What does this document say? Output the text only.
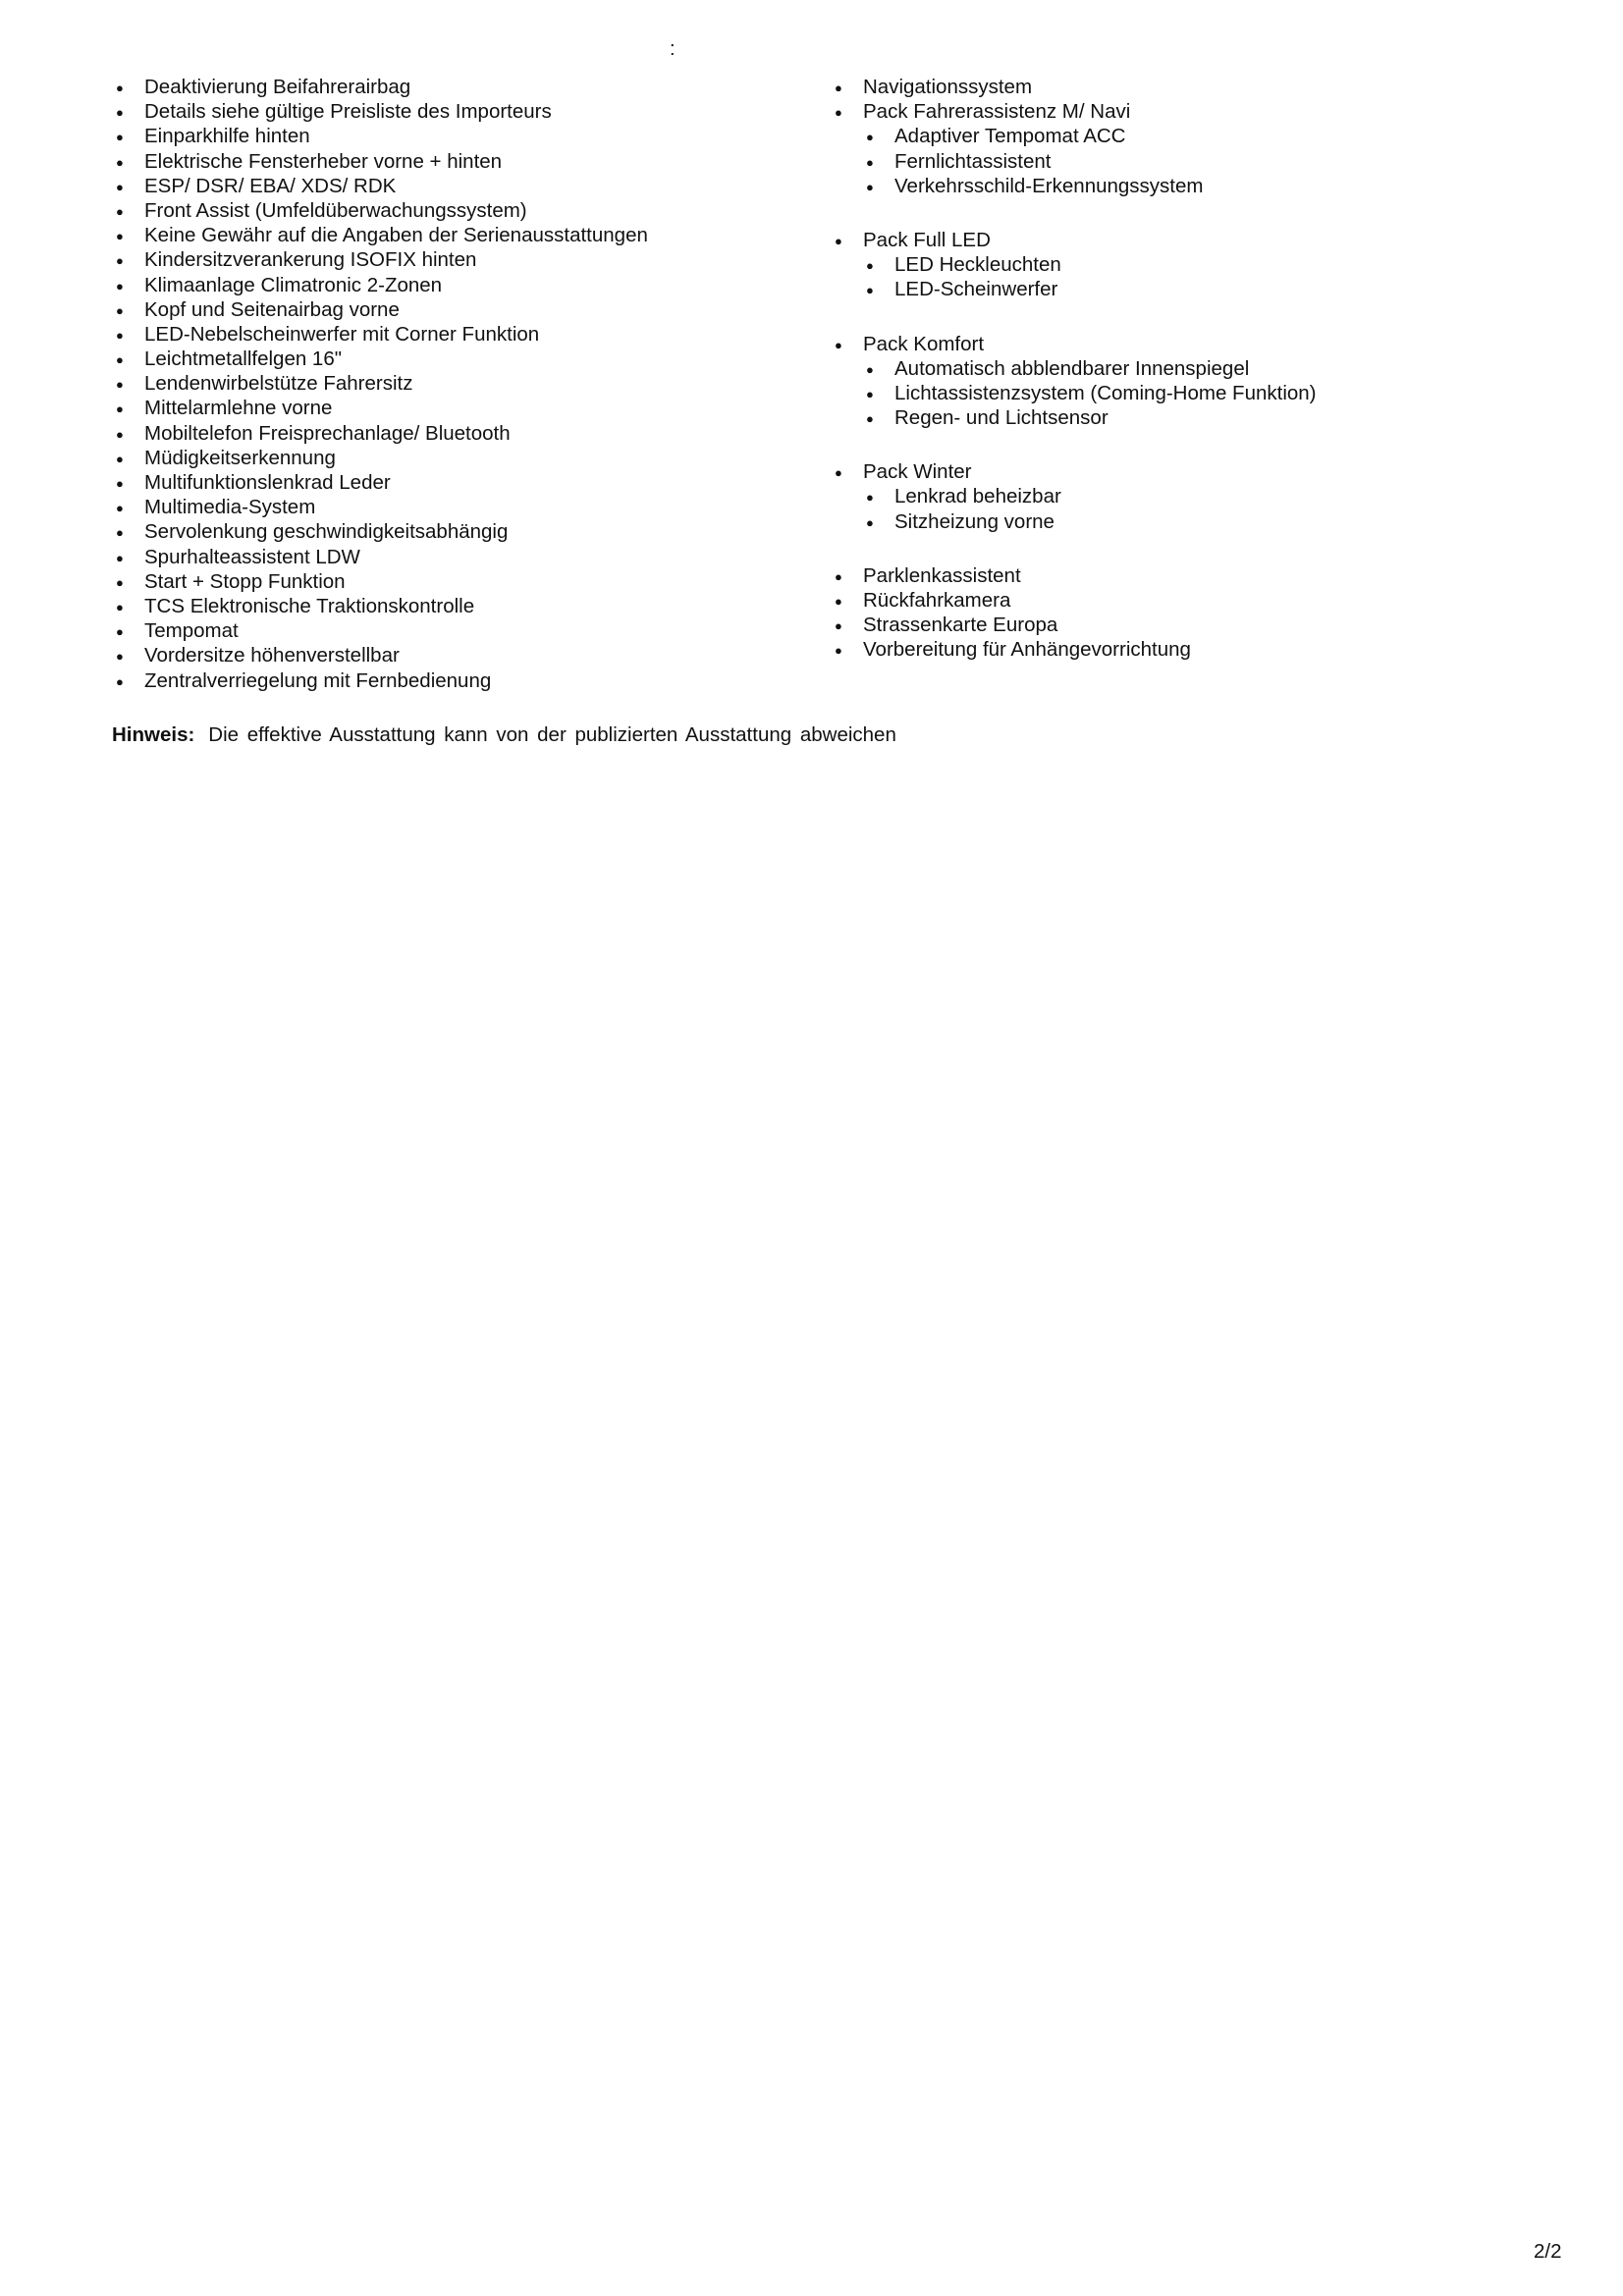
:
● Deaktivierung Beifahrerairbag
● Details siehe gültige Preisliste des Importeurs
● Einparkhilfe hinten
● Elektrische Fensterheber vorne + hinten
● ESP/ DSR/ EBA/ XDS/ RDK
● Front Assist (Umfeldüberwachungssystem)
● Keine Gewähr auf die Angaben der Serienausstattungen
● Kindersitzverankerung ISOFIX hinten
● Klimaanlage Climatronic 2-Zonen
● Kopf und Seitenairbag vorne
● LED-Nebelscheinwerfer mit Corner Funktion
● Leichtmetallfelgen 16"
● Lendenwirbelstütze Fahrersitz
● Mittelarmlehne vorne
● Mobiltelefon Freisprechanlage/ Bluetooth
● Müdigkeitserkennung
● Multifunktionslenkrad Leder
● Multimedia-System
● Servolenkung geschwindigkeitsabhängig
● Spurhalteassistent LDW
● Start + Stopp Funktion
● TCS Elektronische Traktionskontrolle
● Tempomat
● Vordersitze höhenverstellbar
● Zentralverriegelung mit Fernbedienung
● Navigationssystem
● Pack Fahrerassistenz M/ Navi
● Adaptiver Tempomat ACC
● Fernlichtassistent
● Verkehrsschild-Erkennungssystem
● Pack Full LED
● LED Heckleuchten
● LED-Scheinwerfer
● Pack Komfort
● Automatisch abblendbarer Innenspiegel
● Lichtassistenzsystem (Coming-Home Funktion)
● Regen- und Lichtsensor
● Pack Winter
● Lenkrad beheizbar
● Sitzheizung vorne
● Parklenkassistent
● Rückfahrkamera
● Strassenkarte Europa
● Vorbereitung für Anhängevorrichtung
Hinweis: Die effektive Ausstattung kann von der publizierten Ausstattung abweichen
2/2
